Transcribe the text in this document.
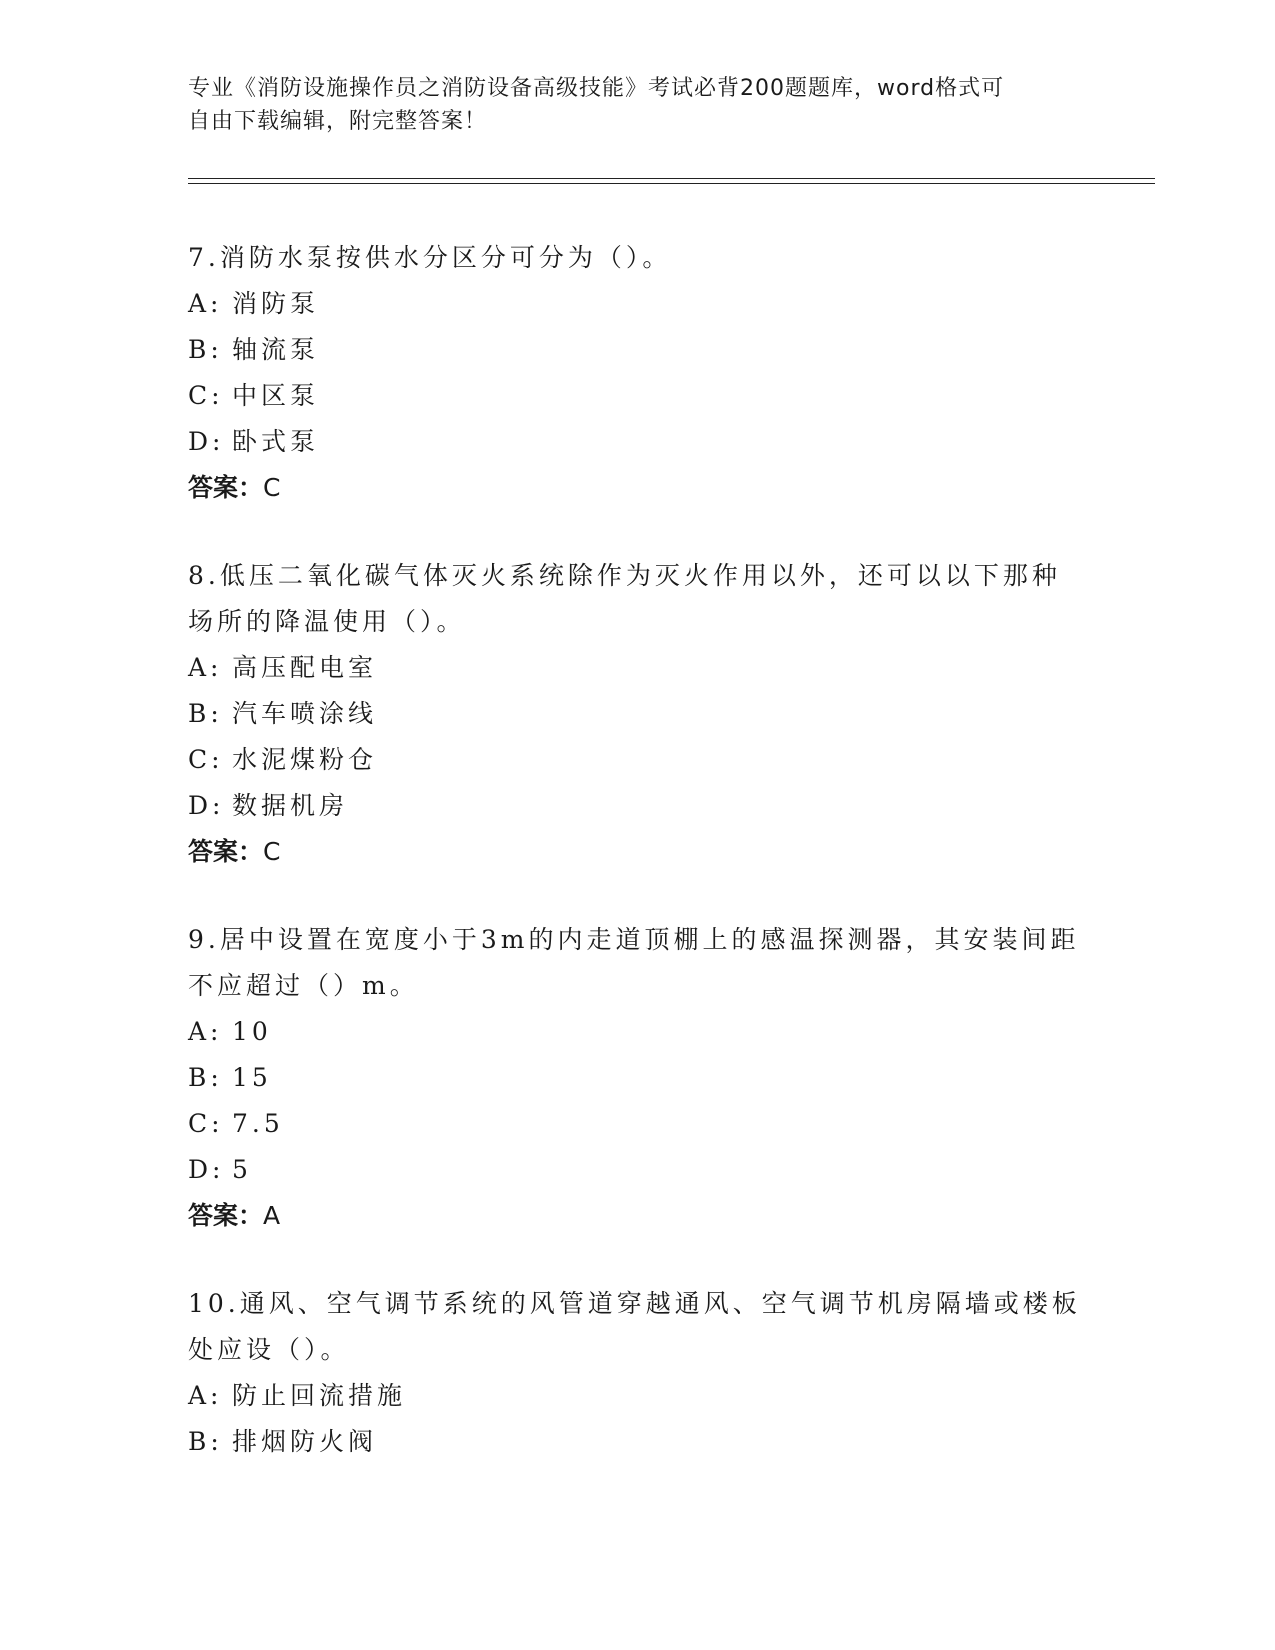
专业《消防设施操作员之消防设备高级技能》考试必背200题题库，word格式可
自由下载编辑，附完整答案！
7.消防水泵按供水分区分可分为（）。
A: 消防泵
B: 轴流泵
C: 中区泵
D: 卧式泵
答案：C
8.低压二氧化碳气体灭火系统除作为灭火作用以外，还可以以下那种
场所的降温使用（）。
A: 高压配电室
B: 汽车喷涂线
C: 水泥煤粉仓
D: 数据机房
答案：C
9.居中设置在宽度小于3m的内走道顶棚上的感温探测器，其安装间距
不应超过（）m。
A: 10
B: 15
C: 7.5
D: 5
答案：A
10.通风、空气调节系统的风管道穿越通风、空气调节机房隔墙或楼板
处应设（）。
A: 防止回流措施
B: 排烟防火阀
